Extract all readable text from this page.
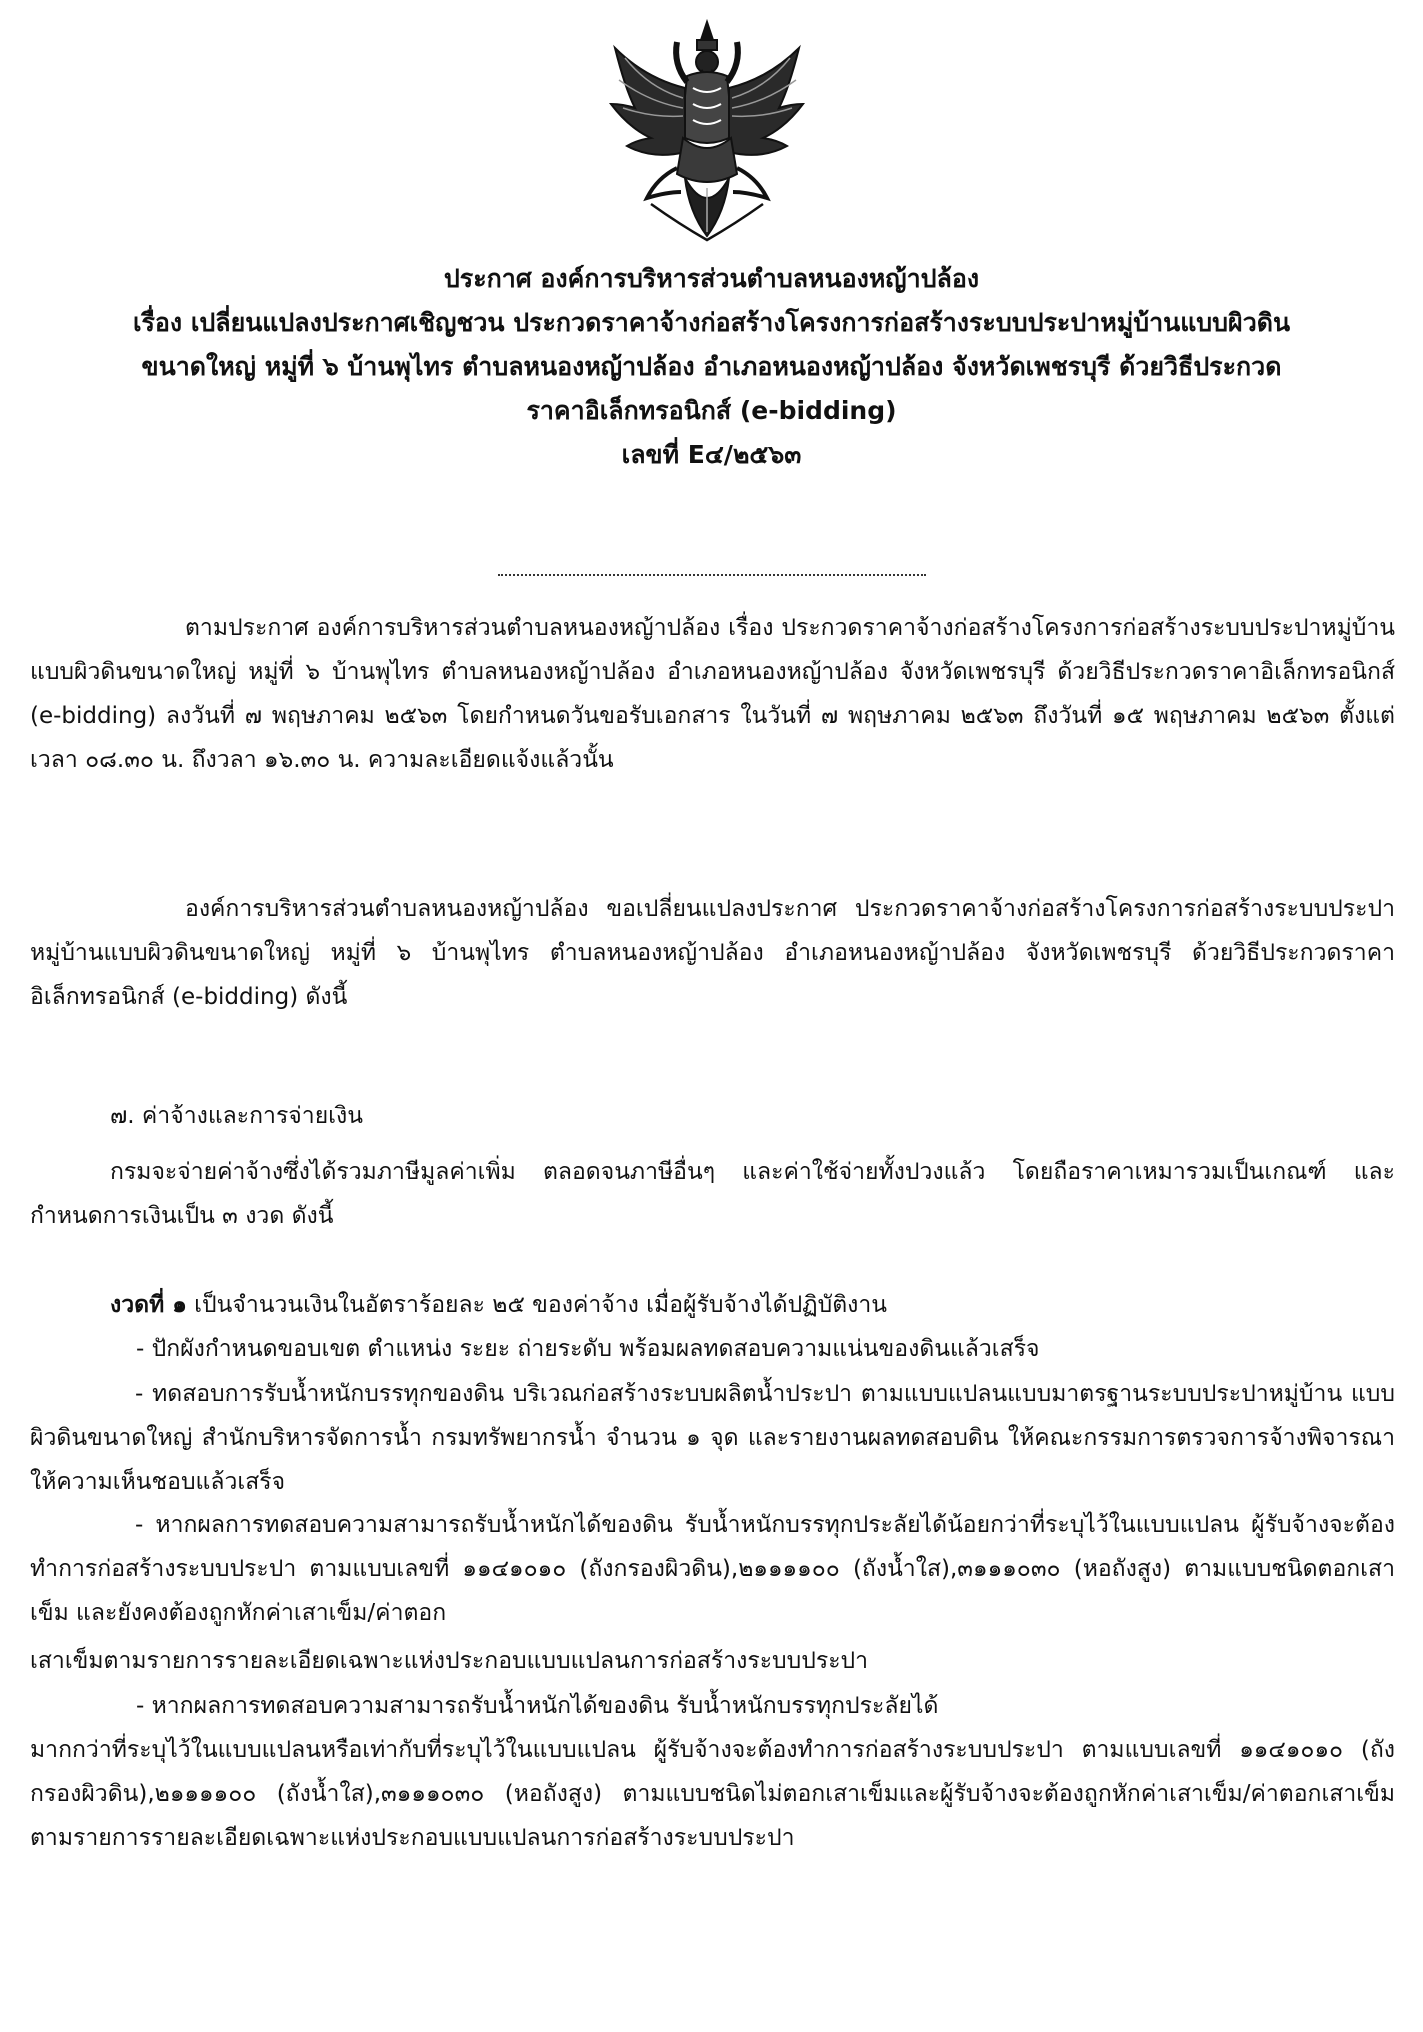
ประกาศ องค์การบริหารส่วนตำบลหนองหญ้าปล้อง
เรื่อง เปลี่ยนแปลงประกาศเชิญชวน ประกวดราคาจ้างก่อสร้างโครงการก่อสร้างระบบประปาหมู่บ้านแบบผิวดิน
ขนาดใหญ่ หมู่ที่ ๖ บ้านพุไทร ตำบลหนองหญ้าปล้อง อำเภอหนองหญ้าปล้อง จังหวัดเพชรบุรี ด้วยวิธีประกวด
ราคาอิเล็กทรอนิกส์ (e-bidding)
เลขที่ E๔/๒๕๖๓

ตามประกาศ องค์การบริหารส่วนตำบลหนองหญ้าปล้อง เรื่อง ประกวดราคาจ้างก่อสร้างโครงการก่อสร้างระบบประปาหมู่บ้านแบบผิวดินขนาดใหญ่ หมู่ที่ ๖ บ้านพุไทร ตำบลหนองหญ้าปล้อง อำเภอหนองหญ้าปล้อง จังหวัดเพชรบุรี ด้วยวิธีประกวดราคาอิเล็กทรอนิกส์ (e-bidding) ลงวันที่ ๗ พฤษภาคม ๒๕๖๓ โดยกำหนดวันขอรับเอกสาร ในวันที่ ๗ พฤษภาคม ๒๕๖๓ ถึงวันที่ ๑๕ พฤษภาคม ๒๕๖๓ ตั้งแต่เวลา ๐๘.๓๐ น. ถึงวลา ๑๖.๓๐ น. ความละเอียดแจ้งแล้วนั้น

องค์การบริหารส่วนตำบลหนองหญ้าปล้อง ขอเปลี่ยนแปลงประกาศ ประกวดราคาจ้างก่อสร้างโครงการก่อสร้างระบบประปาหมู่บ้านแบบผิวดินขนาดใหญ่ หมู่ที่ ๖ บ้านพุไทร ตำบลหนองหญ้าปล้อง อำเภอหนองหญ้าปล้อง จังหวัดเพชรบุรี ด้วยวิธีประกวดราคาอิเล็กทรอนิกส์ (e-bidding) ดังนี้

๗. ค่าจ้างและการจ่ายเงิน

กรมจะจ่ายค่าจ้างซึ่งได้รวมภาษีมูลค่าเพิ่ม ตลอดจนภาษีอื่นๆ และค่าใช้จ่ายทั้งปวงแล้ว โดยถือราคาเหมารวมเป็นเกณฑ์ และกำหนดการเงินเป็น ๓ งวด ดังนี้

งวดที่ ๑ เป็นจำนวนเงินในอัตราร้อยละ ๒๕ ของค่าจ้าง เมื่อผู้รับจ้างได้ปฏิบัติงาน
- ปักผังกำหนดขอบเขต ตำแหน่ง ระยะ ถ่ายระดับ พร้อมผลทดสอบความแน่นของดินแล้วเสร็จ

- ทดสอบการรับน้ำหนักบรรทุกของดิน บริเวณก่อสร้างระบบผลิตน้ำประปา ตามแบบแปลนแบบมาตรฐานระบบประปาหมู่บ้าน แบบผิวดินขนาดใหญ่ สำนักบริหารจัดการน้ำ กรมทรัพยากรน้ำ จำนวน ๑ จุด และรายงานผลทดสอบดิน ให้คณะกรรมการตรวจการจ้างพิจารณาให้ความเห็นชอบแล้วเสร็จ

- หากผลการทดสอบความสามารถรับน้ำหนักได้ของดิน รับน้ำหนักบรรทุกประลัยได้น้อยกว่าที่ระบุไว้ในแบบแปลน ผู้รับจ้างจะต้องทำการก่อสร้างระบบประปา ตามแบบเลขที่ ๑๑๔๑๐๑๐ (ถังกรองผิวดิน),๒๑๑๑๑๐๐ (ถังน้ำใส),๓๑๑๑๐๓๐ (หอถังสูง) ตามแบบชนิดตอกเสาเข็ม และยังคงต้องถูกหักค่าเสาเข็ม/ค่าตอก

เสาเข็มตามรายการรายละเอียดเฉพาะแห่งประกอบแบบแปลนการก่อสร้างระบบประปา
- หากผลการทดสอบความสามารถรับน้ำหนักได้ของดิน รับน้ำหนักบรรทุกประลัยได้

มากกว่าที่ระบุไว้ในแบบแปลนหรือเท่ากับที่ระบุไว้ในแบบแปลน ผู้รับจ้างจะต้องทำการก่อสร้างระบบประปา ตามแบบเลขที่ ๑๑๔๑๐๑๐ (ถังกรองผิวดิน),๒๑๑๑๑๐๐ (ถังน้ำใส),๓๑๑๑๐๓๐ (หอถังสูง) ตามแบบชนิดไม่ตอกเสาเข็มและผู้รับจ้างจะต้องถูกหักค่าเสาเข็ม/ค่าตอกเสาเข็มตามรายการรายละเอียดเฉพาะแห่งประกอบแบบแปลนการก่อสร้างระบบประปา
